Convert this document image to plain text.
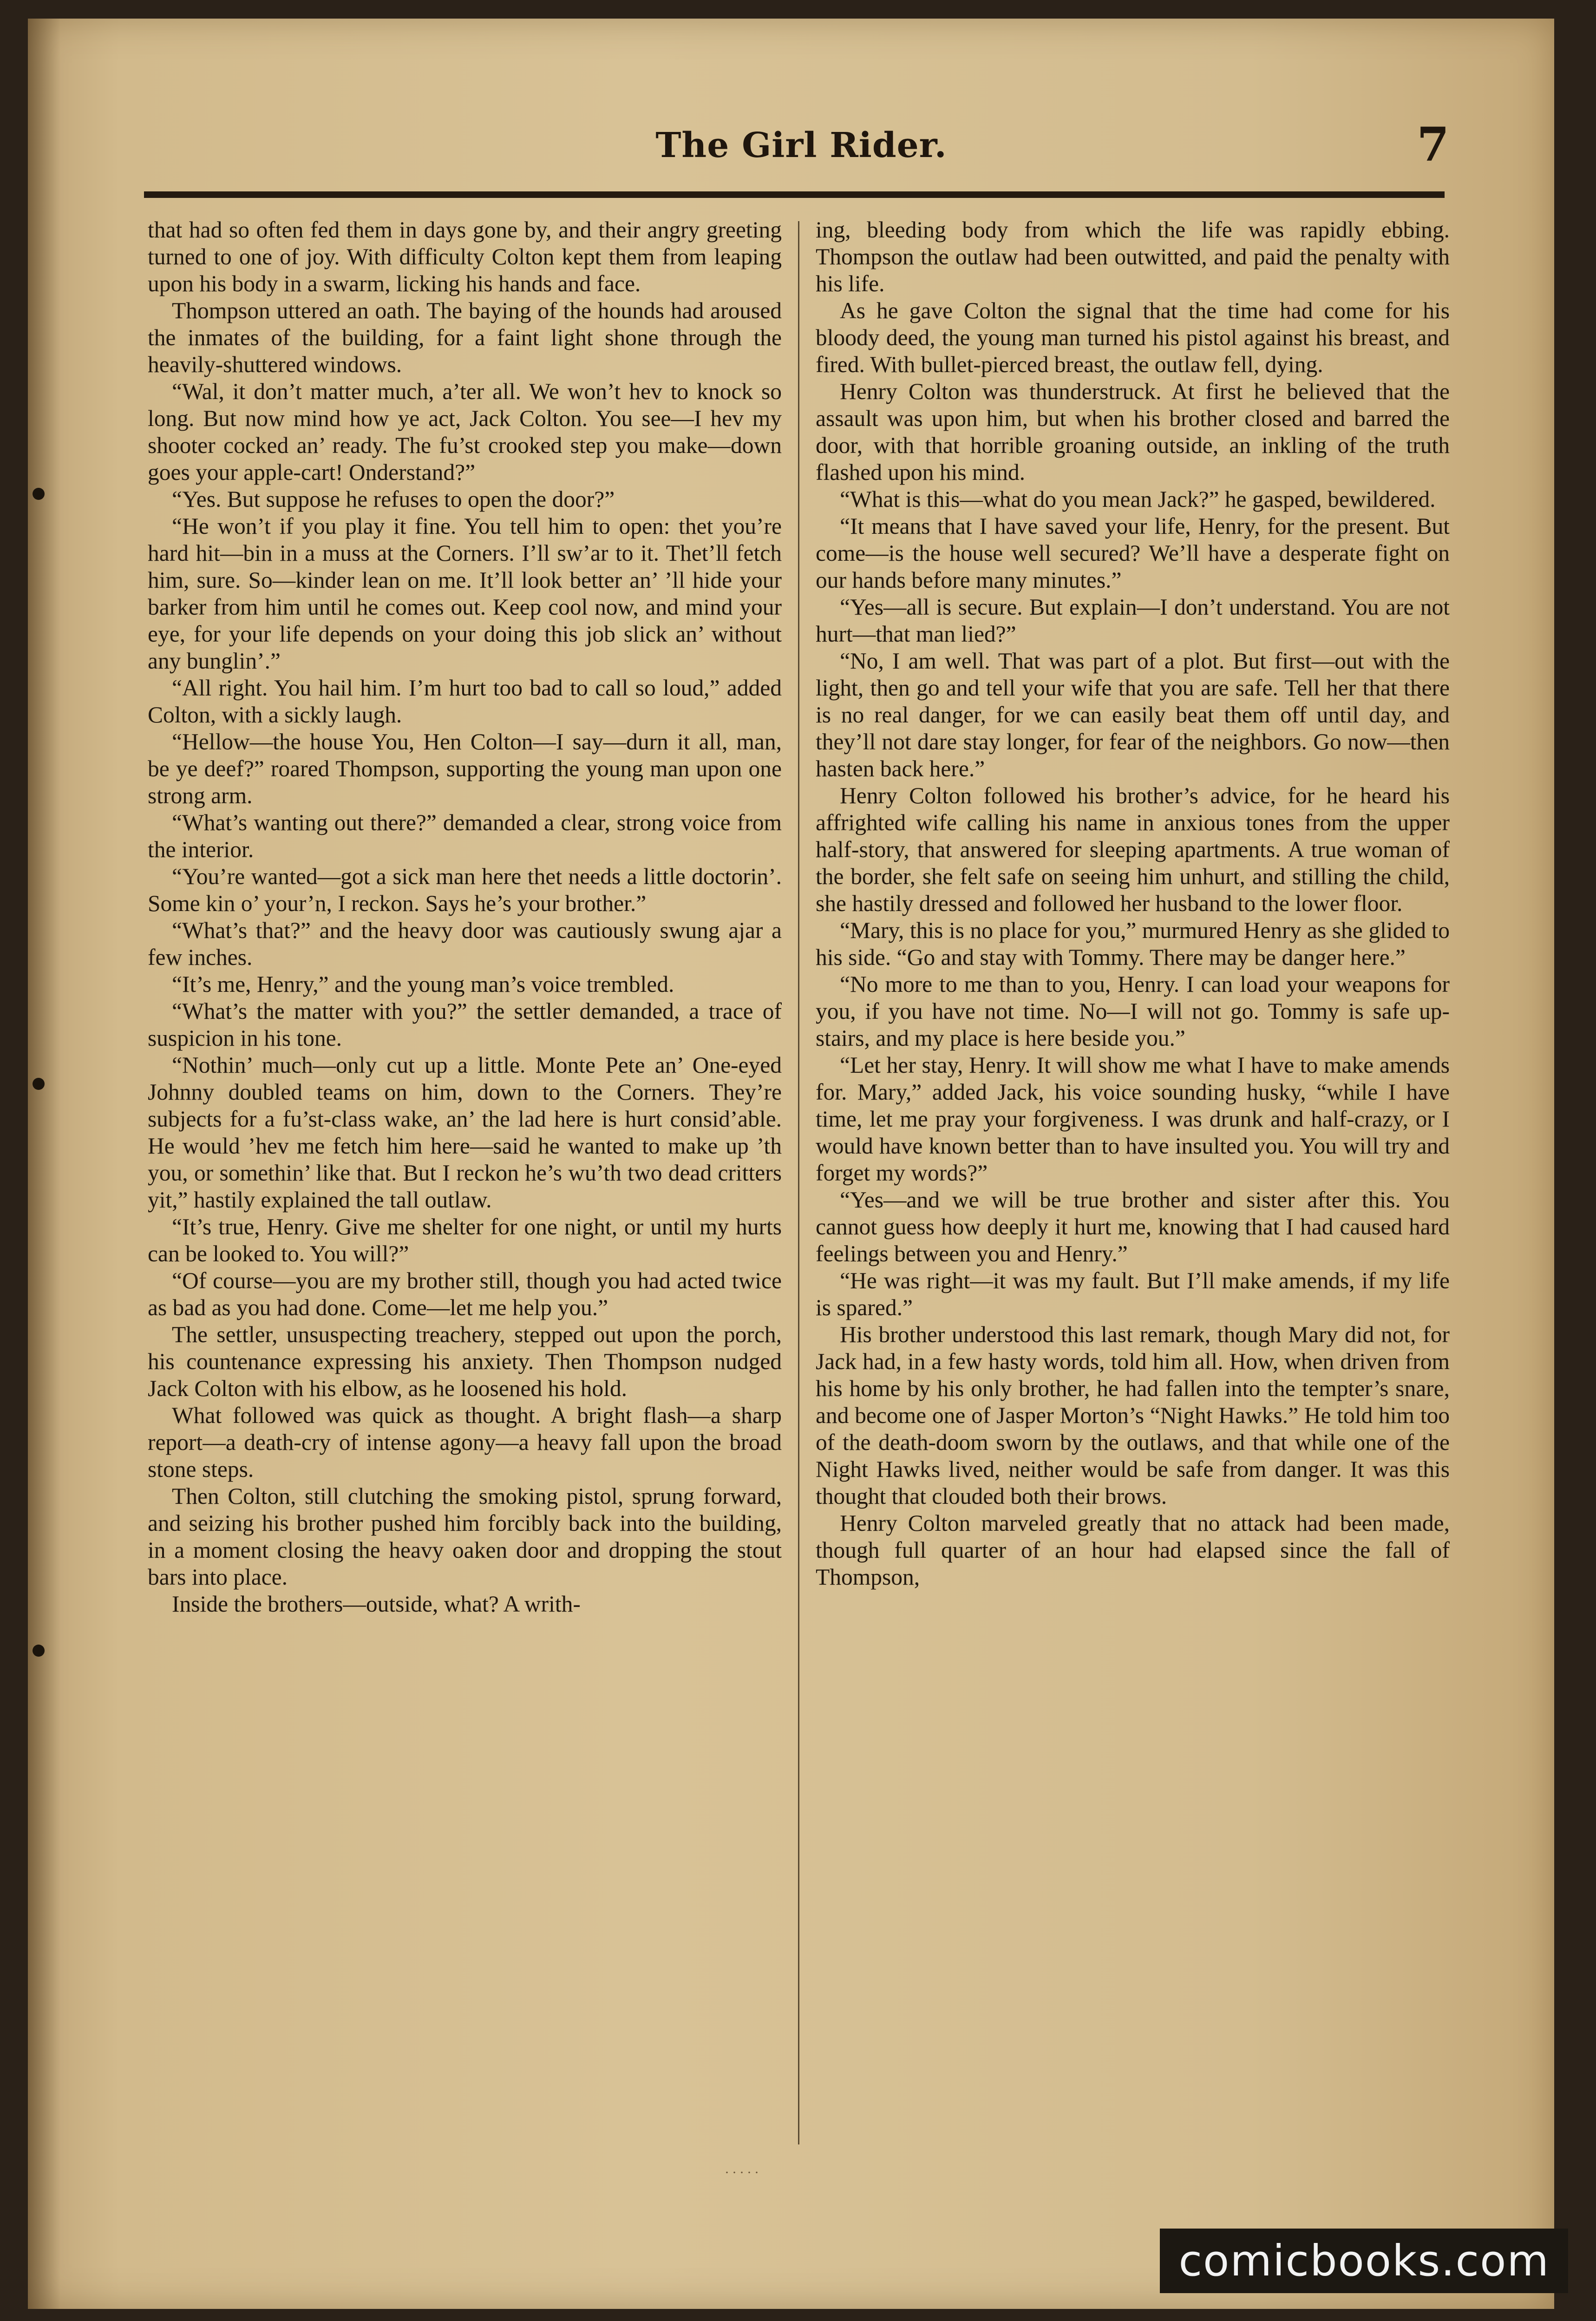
The Girl Rider.	7

that had so often fed them in days gone by, and their angry greeting turned to one of joy. With difficulty Colton kept them from leaping upon his body in a swarm, licking his hands and face.

Thompson uttered an oath. The baying of the hounds had aroused the inmates of the building, for a faint light shone through the heavily-shuttered windows.

“Wal, it don’t matter much, a’ter all. We won’t hev to knock so long. But now mind how ye act, Jack Colton. You see—I hev my shooter cocked an’ ready. The fu’st crooked step you make—down goes your apple-cart! Onderstand?”

“Yes. But suppose he refuses to open the door?”

“He won’t if you play it fine. You tell him to open: thet you’re hard hit—bin in a muss at the Corners. I’ll sw’ar to it. Thet’ll fetch him, sure. So—kinder lean on me. It’ll look better an’ ’ll hide your barker from him until he comes out. Keep cool now, and mind your eye, for your life depends on your doing this job slick an’ without any bunglin’.”

“All right. You hail him. I’m hurt too bad to call so loud,” added Colton, with a sickly laugh.

“Hellow—the house You, Hen Colton—I say—durn it all, man, be ye deef?” roared Thompson, supporting the young man upon one strong arm.

“What’s wanting out there?” demanded a clear, strong voice from the interior.

“You’re wanted—got a sick man here thet needs a little doctorin’. Some kin o’ your’n, I reckon. Says he’s your brother.”

“What’s that?” and the heavy door was cautiously swung ajar a few inches.

“It’s me, Henry,” and the young man’s voice trembled.

“What’s the matter with you?” the settler demanded, a trace of suspicion in his tone.

“Nothin’ much—only cut up a little. Monte Pete an’ One-eyed Johnny doubled teams on him, down to the Corners. They’re subjects for a fu’st-class wake, an’ the lad here is hurt consid’able. He would ’hev me fetch him here—said he wanted to make up ’th you, or somethin’ like that. But I reckon he’s wu’th two dead critters yit,” hastily explained the tall outlaw.

“It’s true, Henry. Give me shelter for one night, or until my hurts can be looked to. You will?”

“Of course—you are my brother still, though you had acted twice as bad as you had done. Come—let me help you.”

The settler, unsuspecting treachery, stepped out upon the porch, his countenance expressing his anxiety. Then Thompson nudged Jack Colton with his elbow, as he loosened his hold.

What followed was quick as thought. A bright flash—a sharp report—a death-cry of intense agony—a heavy fall upon the broad stone steps.

Then Colton, still clutching the smoking pistol, sprung forward, and seizing his brother pushed him forcibly back into the building, in a moment closing the heavy oaken door and dropping the stout bars into place.

Inside the brothers—outside, what? A writh-

ing, bleeding body from which the life was rapidly ebbing. Thompson the outlaw had been outwitted, and paid the penalty with his life.

As he gave Colton the signal that the time had come for his bloody deed, the young man turned his pistol against his breast, and fired. With bullet-pierced breast, the outlaw fell, dying.

Henry Colton was thunderstruck. At first he believed that the assault was upon him, but when his brother closed and barred the door, with that horrible groaning outside, an inkling of the truth flashed upon his mind.

“What is this—what do you mean Jack?” he gasped, bewildered.

“It means that I have saved your life, Henry, for the present. But come—is the house well secured? We’ll have a desperate fight on our hands before many minutes.”

“Yes—all is secure. But explain—I don’t understand. You are not hurt—that man lied?”

“No, I am well. That was part of a plot. But first—out with the light, then go and tell your wife that you are safe. Tell her that there is no real danger, for we can easily beat them off until day, and they’ll not dare stay longer, for fear of the neighbors. Go now—then hasten back here.”

Henry Colton followed his brother’s advice, for he heard his affrighted wife calling his name in anxious tones from the upper half-story, that answered for sleeping apartments. A true woman of the border, she felt safe on seeing him unhurt, and stilling the child, she hastily dressed and followed her husband to the lower floor.

“Mary, this is no place for you,” murmured Henry as she glided to his side. “Go and stay with Tommy. There may be danger here.”

“No more to me than to you, Henry. I can load your weapons for you, if you have not time. No—I will not go. Tommy is safe up-stairs, and my place is here beside you.”

“Let her stay, Henry. It will show me what I have to make amends for. Mary,” added Jack, his voice sounding husky, “while I have time, let me pray your forgiveness. I was drunk and half-crazy, or I would have known better than to have insulted you. You will try and forget my words?”

“Yes—and we will be true brother and sister after this. You cannot guess how deeply it hurt me, knowing that I had caused hard feelings between you and Henry.”

“He was right—it was my fault. But I’ll make amends, if my life is spared.”

His brother understood this last remark, though Mary did not, for Jack had, in a few hasty words, told him all. How, when driven from his home by his only brother, he had fallen into the tempter’s snare, and become one of Jasper Morton’s “Night Hawks.” He told him too of the death-doom sworn by the outlaws, and that while one of the Night Hawks lived, neither would be safe from danger. It was this thought that clouded both their brows.

Henry Colton marveled greatly that no attack had been made, though full quarter of an hour had elapsed since the fall of Thompson,

·····
comicbooks.com
